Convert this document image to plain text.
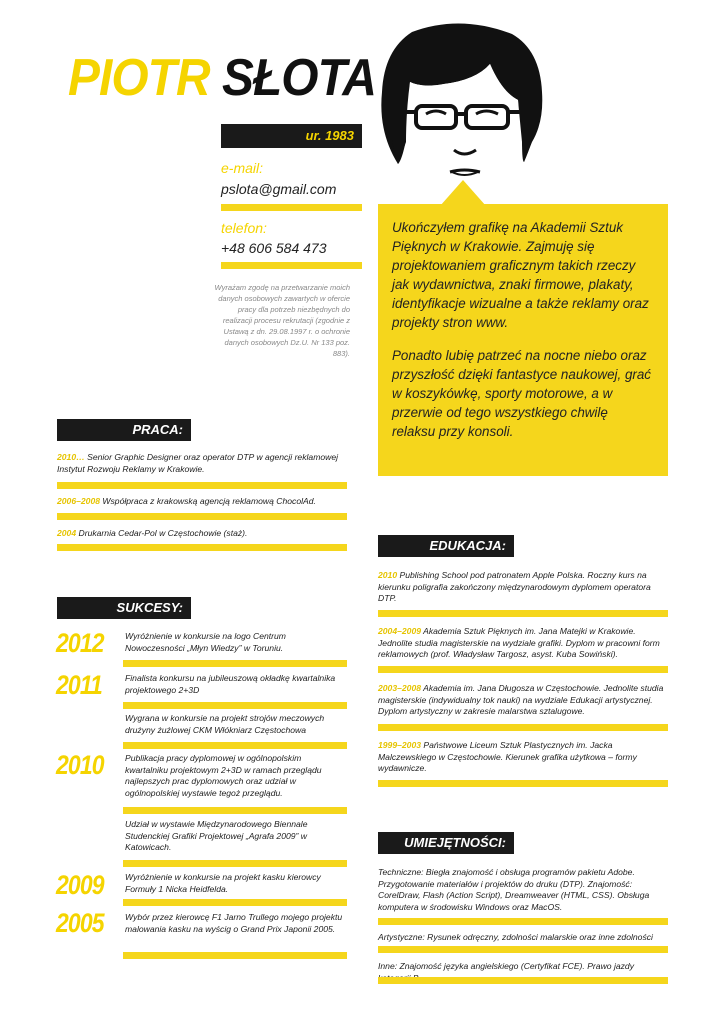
PIOTR SŁOTA
ur. 1983
e-mail:
pslota@gmail.com
telefon:
+48 606 584 473
Wyrażam zgodę na przetwarzanie moich danych osobowych zawartych w ofercie pracy dla potrzeb niezbędnych do realizacji procesu rekrutacji (zgodnie z Ustawą z dn. 29.08.1997 r. o ochronie danych osobowych Dz.U. Nr 133 poz. 883).

Ukończyłem grafikę na Akademii Sztuk Pięknych w Krakowie. Zajmuję się projektowaniem graficznym takich rzeczy jak wydawnictwa, znaki firmowe, plakaty, identyfikacje wizualne a także reklamy oraz projekty stron www.

Ponadto lubię patrzeć na nocne niebo oraz przyszłość dzięki fantastyce naukowej, grać w koszykówkę, sporty motorowe, a w przerwie od tego wszystkiego chwilę relaksu przy konsoli.

PRACA:
2010… Senior Graphic Designer oraz operator DTP w agencji reklamowej Instytut Rozwoju Reklamy w Krakowie.
2006–2008 Współpraca z krakowską agencją reklamową ChocolAd.
2004 Drukarnia Cedar-Pol w Częstochowie (staż).
SUKCESY:
2012 Wyróżnienie w konkursie na logo Centrum Nowoczesności „Młyn Wiedzy” w Toruniu.
2011	Finalista konkursu na jubileuszową okładkę kwartalnika projektowego 2+3D
Wygrana w konkursie na projekt strojów meczowych drużyny żużlowej CKM Włókniarz Częstochowa
2010 Publikacja pracy dyplomowej w ogólnopolskim kwartalniku projektowym 2+3D w ramach przeglądu najlepszych prac dyplomowych oraz udział w ogólnopolskiej wystawie tegoż przeglądu.
Udział w wystawie Międzynarodowego Biennale Studenckiej Grafiki Projektowej „Agrafa 2009” w Katowicach.
2009 Wyróżnienie w konkursie na projekt kasku kierowcy Formuły 1 Nicka Heidfelda.
2005 Wybór przez kierowcę F1 Jarno Trullego mojego projektu malowania kasku na wyścig o Grand Prix Japonii 2005.
EDUKACJA:
2010 Publishing School pod patronatem Apple Polska. Roczny kurs na kierunku poligrafia zakończony międzynarodowym dyplomem operatora DTP.
2004–2009 Akademia Sztuk Pięknych im. Jana Matejki w Krakowie. Jednolite studia magisterskie na wydziale grafiki. Dyplom w pracowni form reklamowych (prof. Władysław Targosz, asyst. Kuba Sowiński).
2003–2008 Akademia im. Jana Długosza w Częstochowie. Jednolite studia magisterskie (indywidualny tok nauki) na wydziale Edukacji artystycznej. Dyplom artystyczny w zakresie malarstwa sztalugowe.
1999–2003 Państwowe Liceum Sztuk Plastycznych im. Jacka Malczewskiego w Częstochowie. Kierunek grafika użytkowa – formy wydawnicze.
UMIEJĘTNOŚCI:
Techniczne: Biegła znajomość i obsługa programów pakietu Adobe. Przygotowanie materiałów i projektów do druku (DTP). Znajomość: CorelDraw, Flash (Action Script), Dreamweaver (HTML, CSS). Obsługa komputera w środowisku Windows oraz MacOS.
Artystyczne: Rysunek odręczny, zdolności malarskie oraz inne zdolności
Inne: Znajomość języka angielskiego (Certyfikat FCE). Prawo jazdy
